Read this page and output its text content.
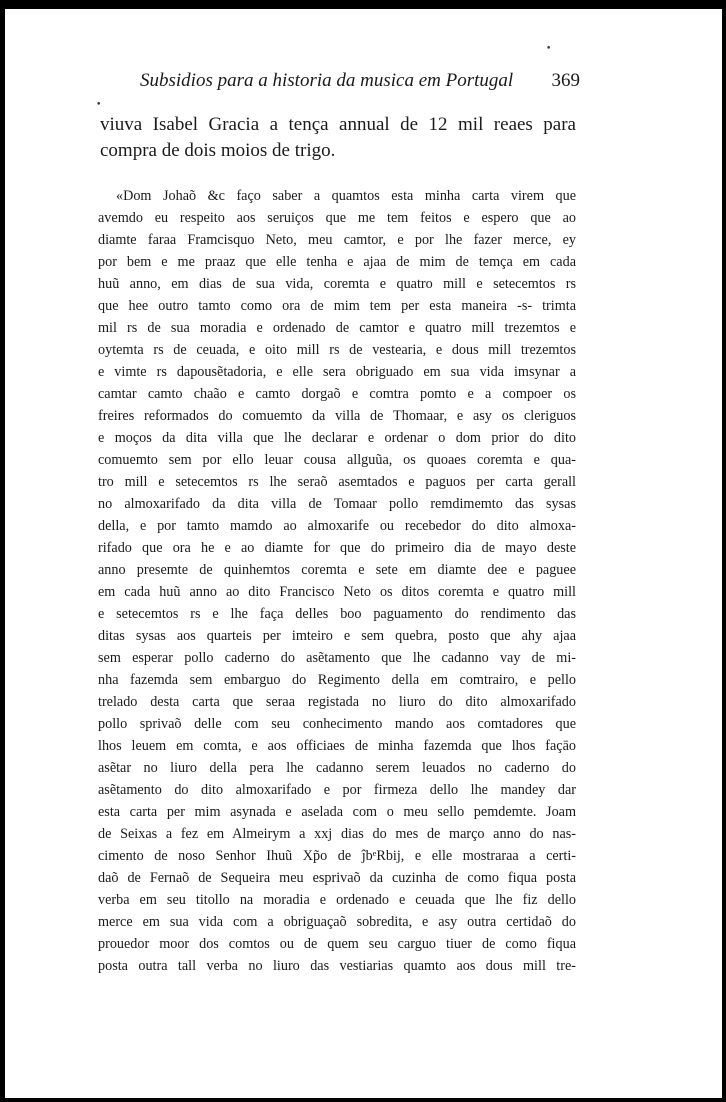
•
•
Subsidios para a historia da musica em Portugal 369
viuva Isabel Gracia a tença annual de 12 mil reaes para
compra de dois moios de trigo.
«Dom Johaõ &c faço saber a quamtos esta minha carta virem que
avemdo eu respeito aos seruiços que me tem feitos e espero que ao
diamte faraa Framcisquo Neto, meu camtor, e por lhe fazer merce, ey
por bem e me praaz que elle tenha e ajaa de mim de temça em cada
huũ anno, em dias de sua vida, coremta e quatro mill e setecemtos rs
que hee outro tamto como ora de mim tem per esta maneira -s- trimta
mil rs de sua moradia e ordenado de camtor e quatro mill trezemtos e
oytemta rs de ceuada, e oito mill rs de vestearia, e dous mill trezemtos
e vimte rs dapousẽtadoria, e elle sera obriguado em sua vida imsynar a
camtar camto chaão e camto dorgaõ e comtra pomto e a compoer os
freires reformados do comuemto da villa de Thomaar, e asy os cleriguos
e moços da dita villa que lhe declarar e ordenar o dom prior do dito
comuemto sem por ello leuar cousa allguũa, os quoaes coremta e qua-
tro mill e setecemtos rs lhe seraõ asemtados e paguos per carta gerall
no almoxarifado da dita villa de Tomaar pollo remdimemto das sysas
della, e por tamto mamdo ao almoxarife ou recebedor do dito almoxa-
rifado que ora he e ao diamte for que do primeiro dia de mayo deste
anno presemte de quinhemtos coremta e sete em diamte dee e paguee
em cada huũ anno ao dito Francisco Neto os ditos coremta e quatro mill
e setecemtos rs e lhe faça delles boo paguamento do rendimento das
ditas sysas aos quarteis per imteiro e sem quebra, posto que ahy ajaa
sem esperar pollo caderno do asẽtamento que lhe cadanno vay de mi-
nha fazemda sem embarguo do Regimento della em comtrairo, e pello
trelado desta carta que seraa registada no liuro do dito almoxarifado
pollo sprivaõ delle com seu conhecimento mando aos comtadores que
lhos leuem em comta, e aos officiaes de minha fazemda que lhos façāo
asẽtar no liuro della pera lhe cadanno serem leuados no caderno do
asẽtamento do dito almoxarifado e por firmeza dello lhe mandey dar
esta carta per mim asynada e aselada com o meu sello pemdemte. Joam
de Seixas a fez em Almeirym a xxj dias do mes de março anno do nas-
cimento de noso Senhor Ihuũ Xp̃o de ĵbᵉRbij, e elle mostraraa a certi-
daõ de Fernaõ de Sequeira meu esprivaõ da cuzinha de como fiqua posta
verba em seu titollo na moradia e ordenado e ceuada que lhe fiz dello
merce em sua vida com a obriguaçaõ sobredita, e asy outra certidaõ do
prouedor moor dos comtos ou de quem seu carguo tiuer de como fiqua
posta outra tall verba no liuro das vestiarias quamto aos dous mill tre-
